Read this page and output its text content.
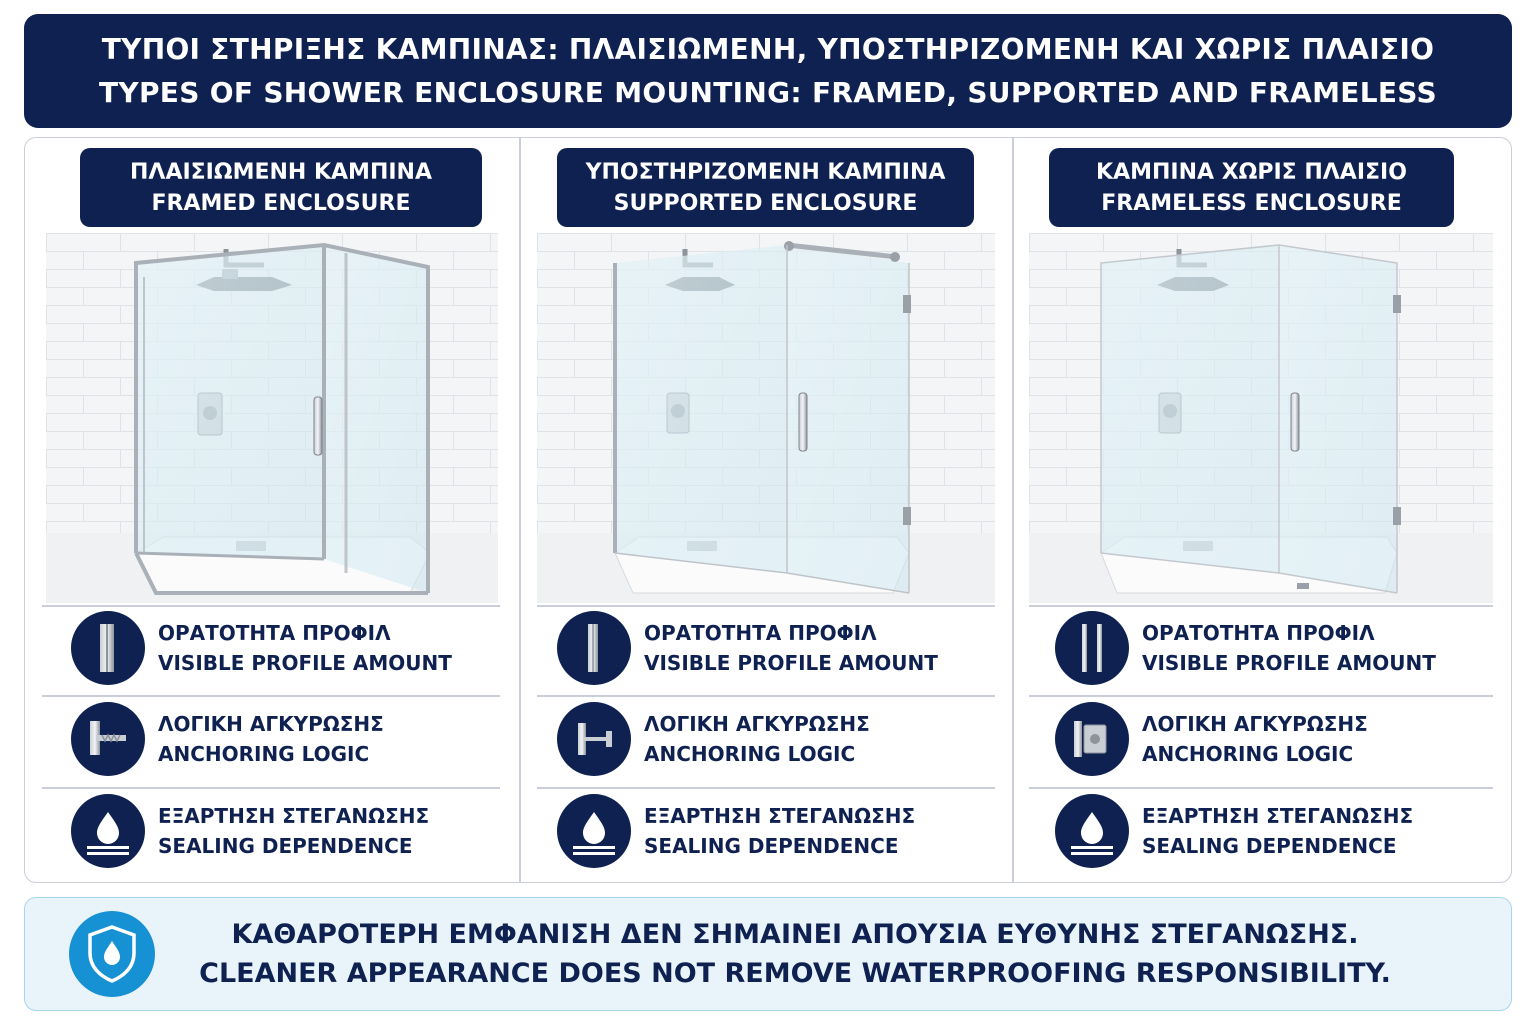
ΤΥΠΟΙ ΣΤΗΡΙΞΗΣ ΚΑΜΠΙΝΑΣ: ΠΛΑΙΣΙΩΜΕΝΗ, ΥΠΟΣΤΗΡΙΖΟΜΕΝΗ ΚΑΙ ΧΩΡΙΣ ΠΛΑΙΣΙΟ
TYPES OF SHOWER ENCLOSURE MOUNTING: FRAMED, SUPPORTED AND FRAMELESS
ΠΛΑΙΣΙΩΜΕΝΗ ΚΑΜΠΙΝΑ
FRAMED ENCLOSURE
ΟΡΑΤΟΤΗΤΑ ΠΡΟΦΙΛ
VISIBLE PROFILE AMOUNT
ΛΟΓΙΚΗ ΑΓΚΥΡΩΣΗΣ
ANCHORING LOGIC
ΕΞΑΡΤΗΣΗ ΣΤΕΓΑΝΩΣΗΣ
SEALING DEPENDENCE
ΥΠΟΣΤΗΡΙΖΟΜΕΝΗ ΚΑΜΠΙΝΑ
SUPPORTED ENCLOSURE
ΟΡΑΤΟΤΗΤΑ ΠΡΟΦΙΛ
VISIBLE PROFILE AMOUNT
ΛΟΓΙΚΗ ΑΓΚΥΡΩΣΗΣ
ANCHORING LOGIC
ΕΞΑΡΤΗΣΗ ΣΤΕΓΑΝΩΣΗΣ
SEALING DEPENDENCE
ΚΑΜΠΙΝΑ ΧΩΡΙΣ ΠΛΑΙΣΙΟ
FRAMELESS ENCLOSURE
ΟΡΑΤΟΤΗΤΑ ΠΡΟΦΙΛ
VISIBLE PROFILE AMOUNT
ΛΟΓΙΚΗ ΑΓΚΥΡΩΣΗΣ
ANCHORING LOGIC
ΕΞΑΡΤΗΣΗ ΣΤΕΓΑΝΩΣΗΣ
SEALING DEPENDENCE
ΚΑΘΑΡΟΤΕΡΗ ΕΜΦΑΝΙΣΗ ΔΕΝ ΣΗΜΑΙΝΕΙ ΑΠΟΥΣΙΑ ΕΥΘΥΝΗΣ ΣΤΕΓΑΝΩΣΗΣ.
CLEANER APPEARANCE DOES NOT REMOVE WATERPROOFING RESPONSIBILITY.
